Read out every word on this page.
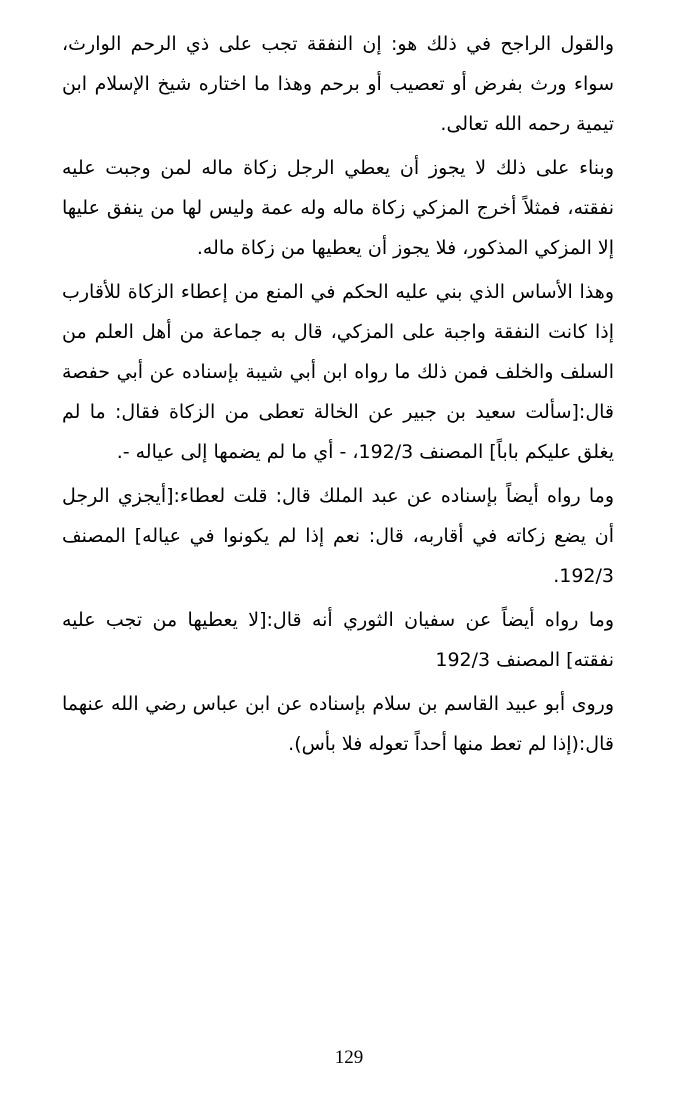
والقول الراجح في ذلك هو: إن النفقة تجب على ذي الرحم الوارث، سواء ورث بفرض أو تعصيب أو برحم وهذا ما اختاره شيخ الإسلام ابن تيمية رحمه الله تعالى.

وبناء على ذلك لا يجوز أن يعطي الرجل زكاة ماله لمن وجبت عليه نفقته، فمثلاً أخرج المزكي زكاة ماله وله عمة وليس لها من ينفق عليها إلا المزكي المذكور، فلا يجوز أن يعطيها من زكاة ماله.

وهذا الأساس الذي بني عليه الحكم في المنع من إعطاء الزكاة للأقارب إذا كانت النفقة واجبة على المزكي، قال به جماعة من أهل العلم من السلف والخلف فمن ذلك ما رواه ابن أبي شيبة بإسناده عن أبي حفصة قال:[سألت سعيد بن جبير عن الخالة تعطى من الزكاة فقال: ما لم يغلق عليكم باباً] المصنف 192/3، - أي ما لم يضمها إلى عياله -.

وما رواه أيضاً بإسناده عن عبد الملك قال: قلت لعطاء:[أيجزي الرجل أن يضع زكاته في أقاربه، قال: نعم إذا لم يكونوا في عياله] المصنف 192/3.

وما رواه أيضاً عن سفيان الثوري أنه قال:[لا يعطيها من تجب عليه نفقته] المصنف 192/3

وروى أبو عبيد القاسم بن سلام بإسناده عن ابن عباس رضي الله عنهما قال:(إذا لم تعط منها أحداً تعوله فلا بأس).

129
